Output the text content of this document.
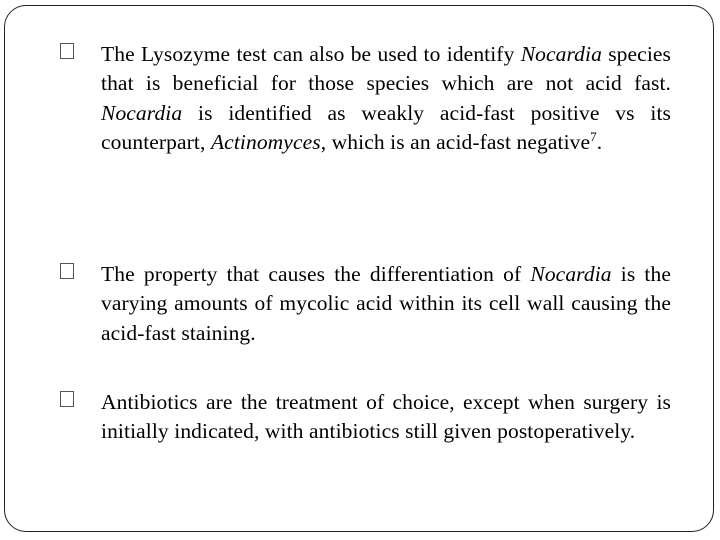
The Lysozyme test can also be used to identify Nocardia species that is beneficial for those species which are not acid fast. Nocardia is identified as weakly acid-fast positive vs its counterpart, Actinomyces, which is an acid-fast negative$^7$.

The property that causes the differentiation of Nocardia is the varying amounts of mycolic acid within its cell wall causing the acid-fast staining.

Antibiotics are the treatment of choice, except when surgery is initially indicated, with antibiotics still given postoperatively.
